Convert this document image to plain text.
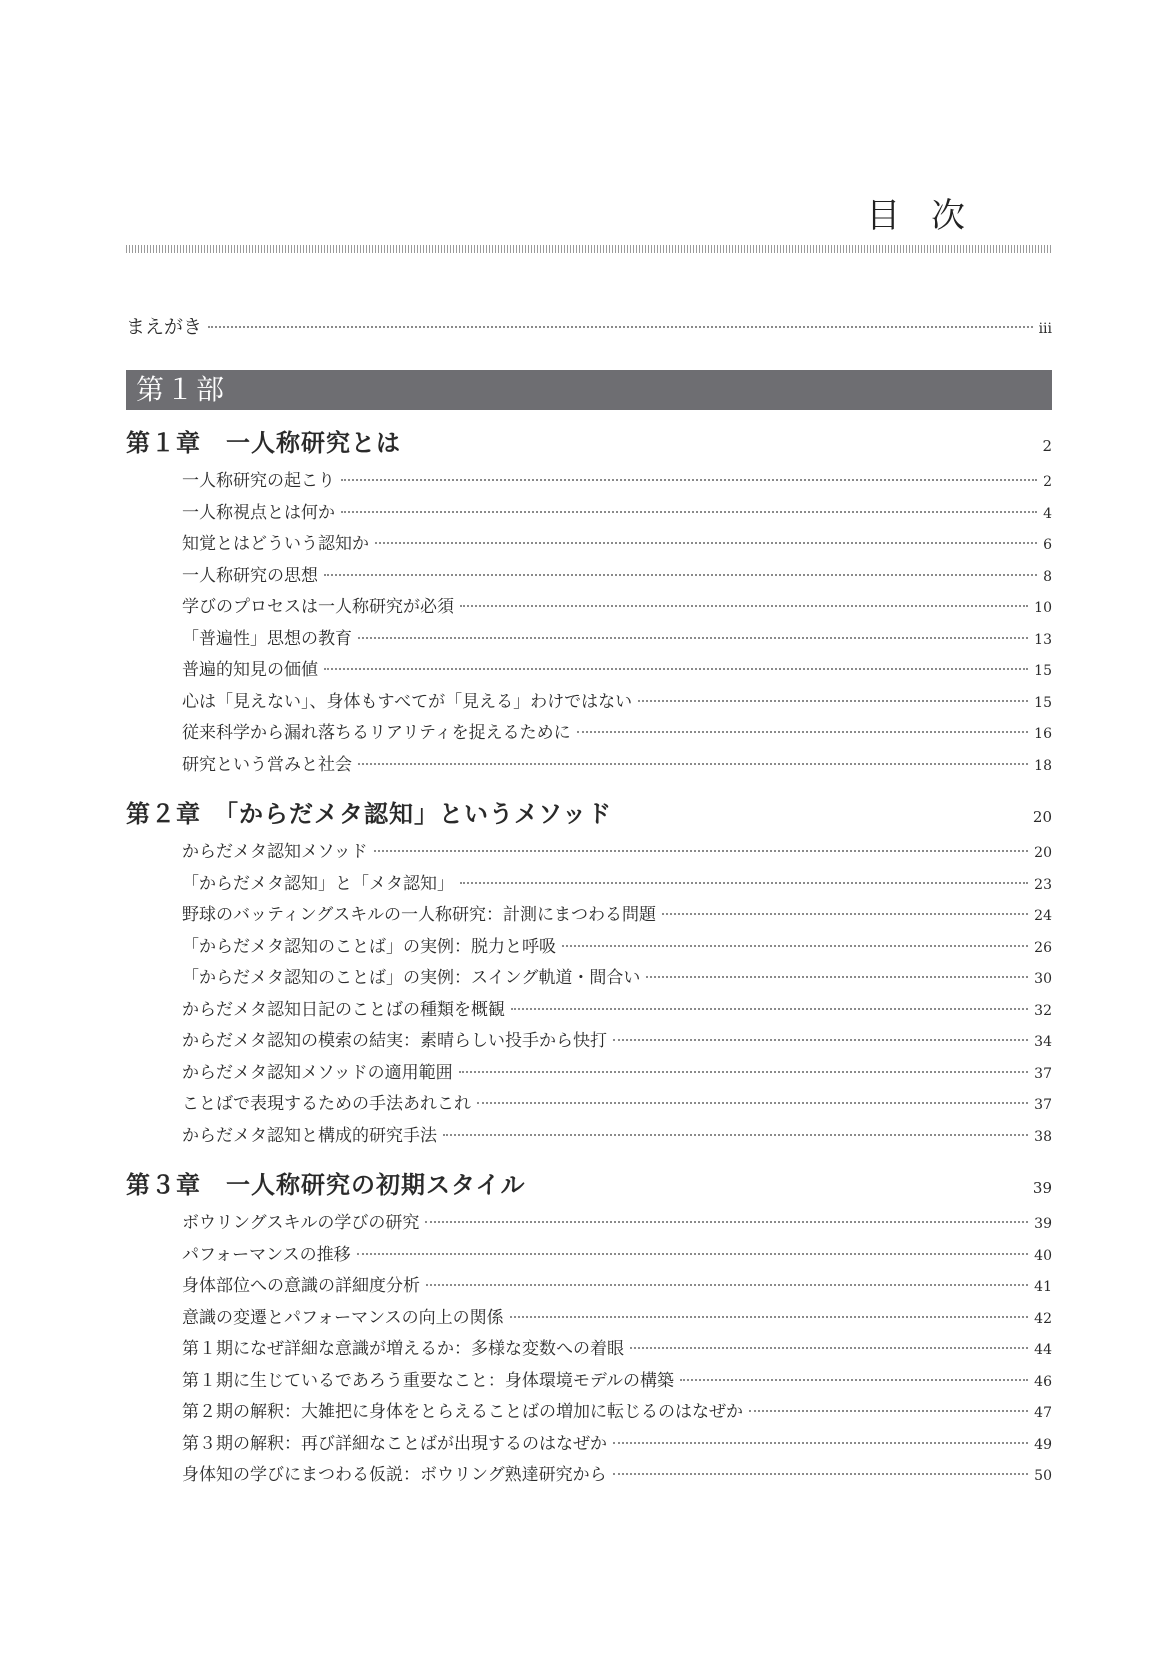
目 次
まえがき	iii
第１部
第１章　一人称研究とは	2
一人称研究の起こり	2
一人称視点とは何か	4
知覚とはどういう認知か	6
一人称研究の思想	8
学びのプロセスは一人称研究が必須	10
「普遍性」思想の教育	13
普遍的知見の価値	15
心は「見えない」、身体もすべてが「見える」わけではない	15
従来科学から漏れ落ちるリアリティを捉えるために	16
研究という営みと社会	18
第２章　「からだメタ認知」というメソッド	20
からだメタ認知メソッド	20
「からだメタ認知」と「メタ認知」	23
野球のバッティングスキルの一人称研究：計測にまつわる問題	24
「からだメタ認知のことば」の実例：脱力と呼吸	26
「からだメタ認知のことば」の実例：スイング軌道・間合い	30
からだメタ認知日記のことばの種類を概観	32
からだメタ認知の模索の結実：素晴らしい投手から快打	34
からだメタ認知メソッドの適用範囲	37
ことばで表現するための手法あれこれ	37
からだメタ認知と構成的研究手法	38
第３章　一人称研究の初期スタイル	39
ボウリングスキルの学びの研究	39
パフォーマンスの推移	40
身体部位への意識の詳細度分析	41
意識の変遷とパフォーマンスの向上の関係	42
第１期になぜ詳細な意識が増えるか：多様な変数への着眼	44
第１期に生じているであろう重要なこと：身体環境モデルの構築	46
第２期の解釈：大雑把に身体をとらえることばの増加に転じるのはなぜか	47
第３期の解釈：再び詳細なことばが出現するのはなぜか	49
身体知の学びにまつわる仮説：ボウリング熟達研究から	50
